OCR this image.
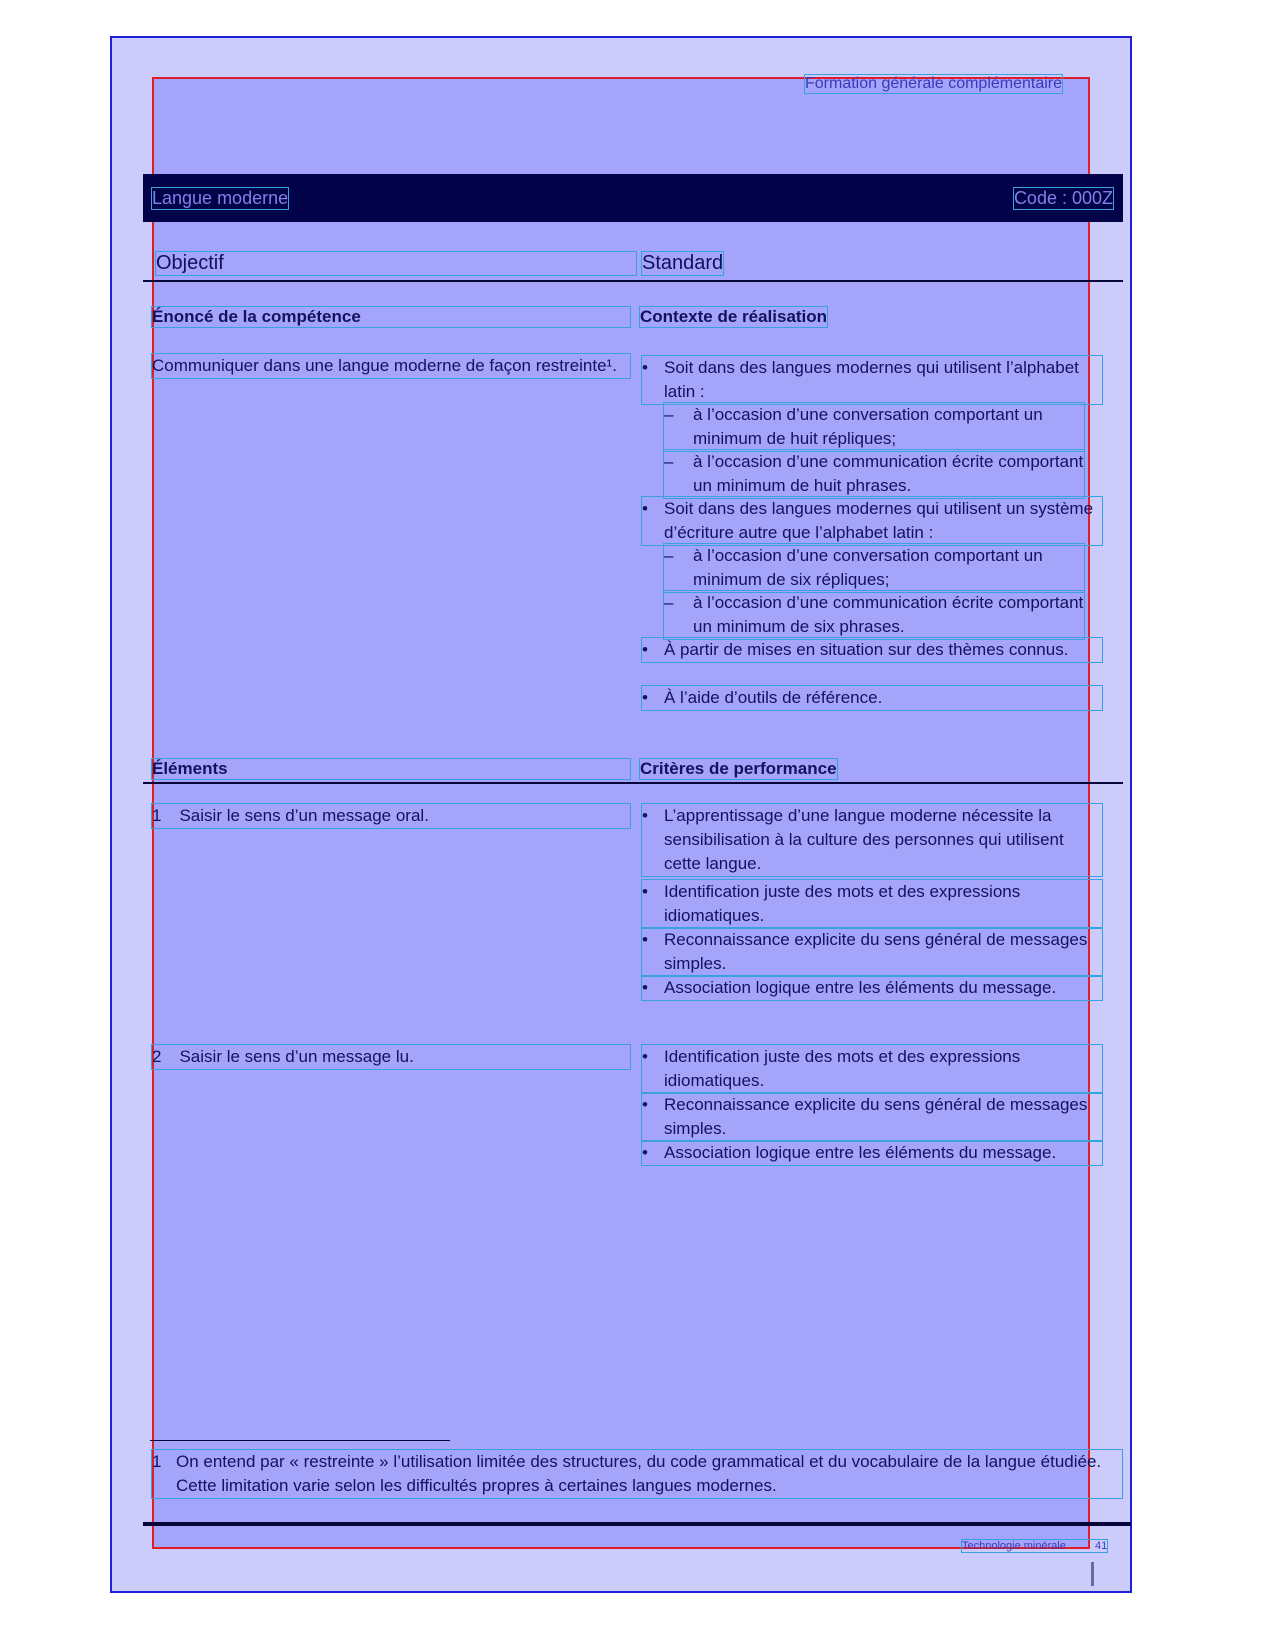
Formation générale complémentaire
Langue moderne	Code : 000Z
Objectif	Standard
Énoncé de la compétence	Contexte de réalisation
Communiquer dans une langue moderne de façon restreinte¹.	• Soit dans des langues modernes qui utilisent l’alphabet latin :
– à l’occasion d’une conversation comportant un minimum de huit répliques;
– à l’occasion d’une communication écrite comportant un minimum de huit phrases.
• Soit dans des langues modernes qui utilisent un système d’écriture autre que l’alphabet latin :
– à l’occasion d’une conversation comportant un minimum de six répliques;
– à l’occasion d’une communication écrite comportant un minimum de six phrases.
• À partir de mises en situation sur des thèmes connus.
• À l’aide d’outils de référence.
Éléments	Critères de performance
1 Saisir le sens d’un message oral.	• L’apprentissage d’une langue moderne nécessite la sensibilisation à la culture des personnes qui utilisent cette langue.
• Identification juste des mots et des expressions idiomatiques.
• Reconnaissance explicite du sens général de messages simples.
• Association logique entre les éléments du message.
2 Saisir le sens d’un message lu.	• Identification juste des mots et des expressions idiomatiques.
• Reconnaissance explicite du sens général de messages simples.
• Association logique entre les éléments du message.
1 On entend par « restreinte » l’utilisation limitée des structures, du code grammatical et du vocabulaire de la langue étudiée. Cette limitation varie selon les difficultés propres à certaines langues modernes.
Technologie minérale	41
